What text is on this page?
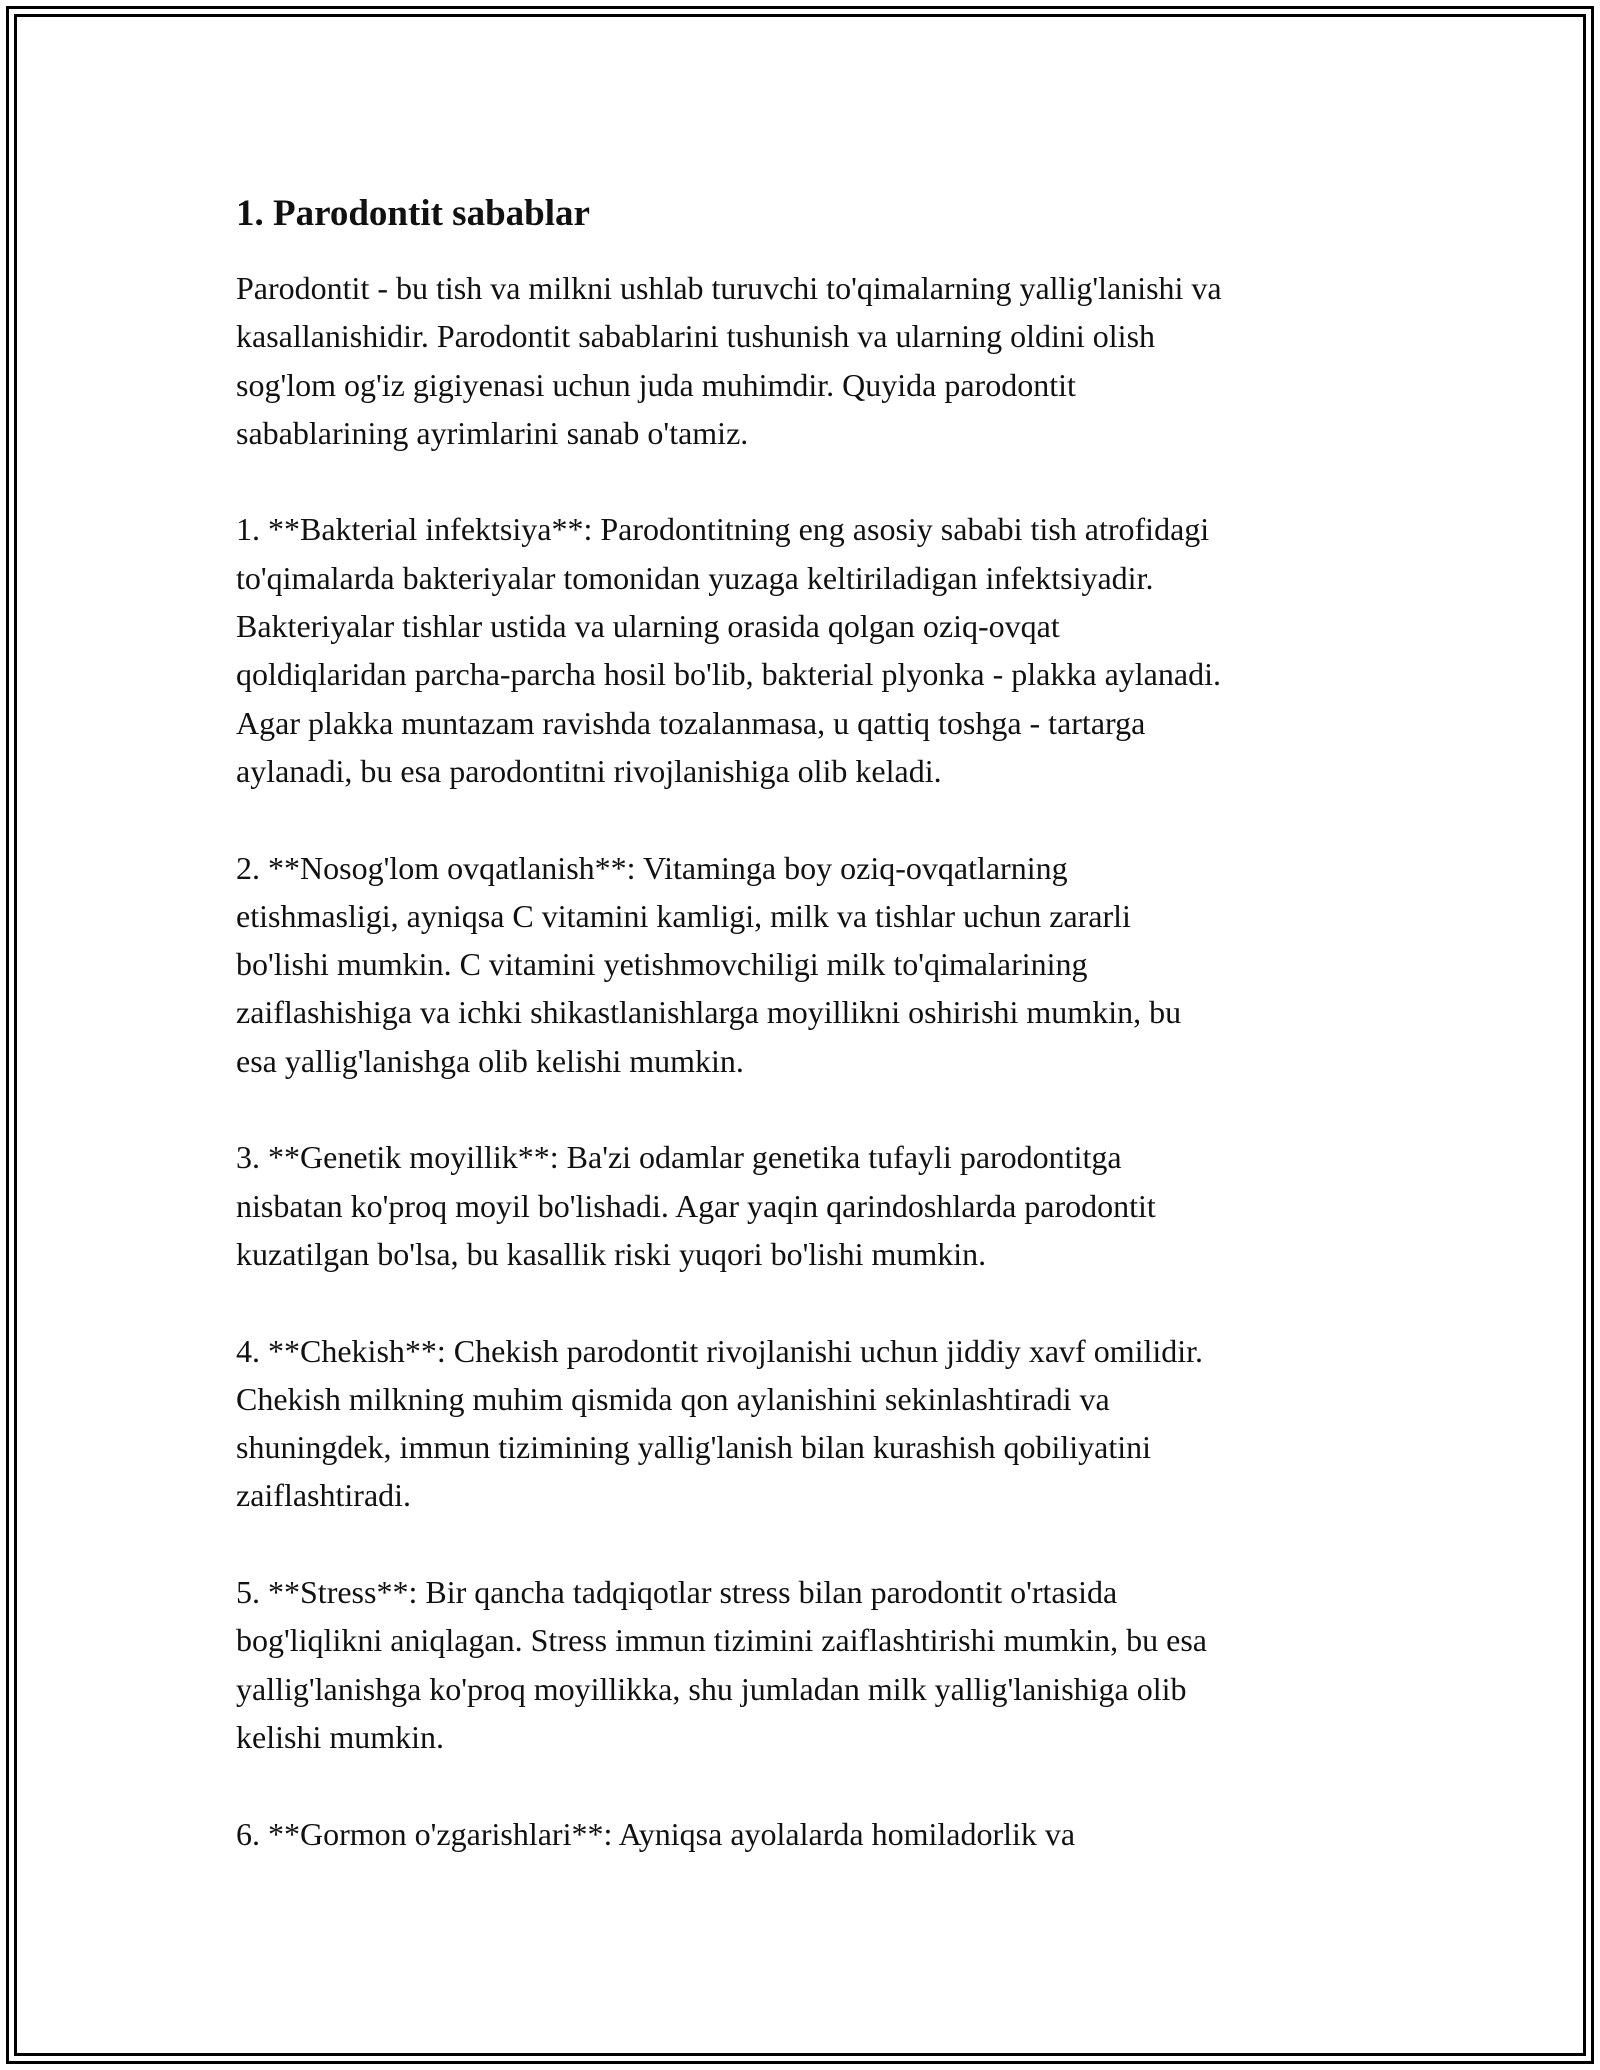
1. Parodontit sabablar

Parodontit - bu tish va milkni ushlab turuvchi to'qimalarning yallig'lanishi va
kasallanishidir. Parodontit sabablarini tushunish va ularning oldini olish
sog'lom og'iz gigiyenasi uchun juda muhimdir. Quyida parodontit
sabablarining ayrimlarini sanab o'tamiz.

1. **Bakterial infektsiya**: Parodontitning eng asosiy sababi tish atrofidagi
to'qimalarda bakteriyalar tomonidan yuzaga keltiriladigan infektsiyadir.
Bakteriyalar tishlar ustida va ularning orasida qolgan oziq-ovqat
qoldiqlaridan parcha-parcha hosil bo'lib, bakterial plyonka - plakka aylanadi.
Agar plakka muntazam ravishda tozalanmasa, u qattiq toshga - tartarga
aylanadi, bu esa parodontitni rivojlanishiga olib keladi.

2. **Nosog'lom ovqatlanish**: Vitaminga boy oziq-ovqatlarning
etishmasligi, ayniqsa C vitamini kamligi, milk va tishlar uchun zararli
bo'lishi mumkin. C vitamini yetishmovchiligi milk to'qimalarining
zaiflashishiga va ichki shikastlanishlarga moyillikni oshirishi mumkin, bu
esa yallig'lanishga olib kelishi mumkin.

3. **Genetik moyillik**: Ba'zi odamlar genetika tufayli parodontitga
nisbatan ko'proq moyil bo'lishadi. Agar yaqin qarindoshlarda parodontit
kuzatilgan bo'lsa, bu kasallik riski yuqori bo'lishi mumkin.

4. **Chekish**: Chekish parodontit rivojlanishi uchun jiddiy xavf omilidir.
Chekish milkning muhim qismida qon aylanishini sekinlashtiradi va
shuningdek, immun tizimining yallig'lanish bilan kurashish qobiliyatini
zaiflashtiradi.

5. **Stress**: Bir qancha tadqiqotlar stress bilan parodontit o'rtasida
bog'liqlikni aniqlagan. Stress immun tizimini zaiflashtirishi mumkin, bu esa
yallig'lanishga ko'proq moyillikka, shu jumladan milk yallig'lanishiga olib
kelishi mumkin.

6. **Gormon o'zgarishlari**: Ayniqsa ayolalarda homiladorlik va
